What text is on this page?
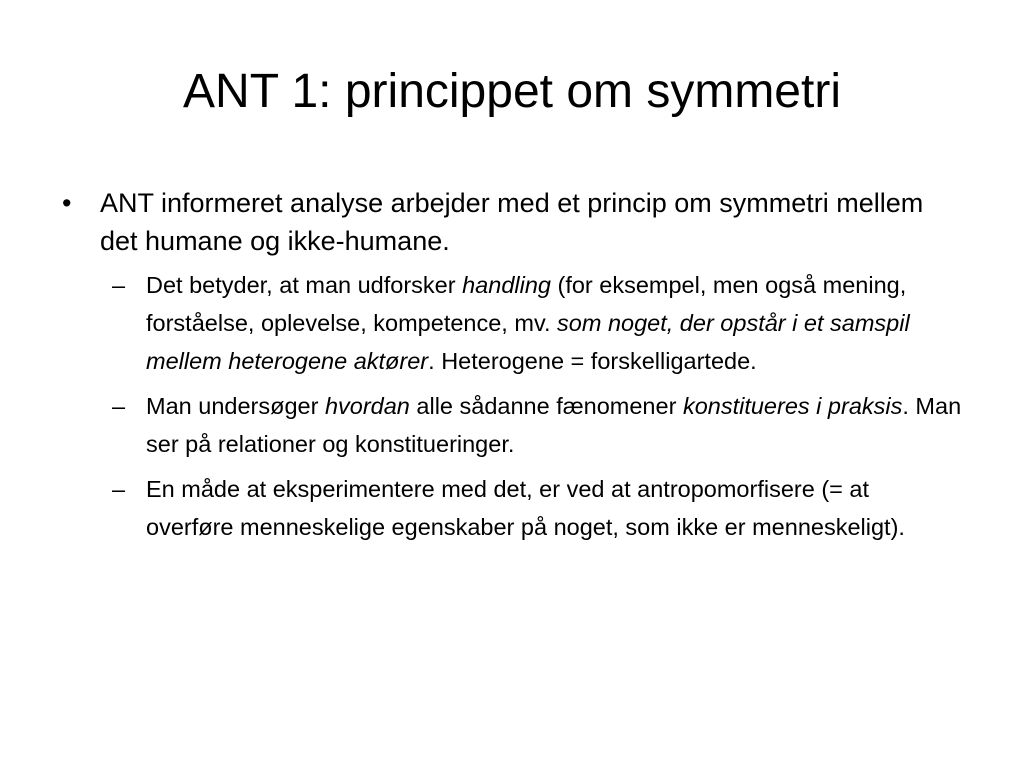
ANT 1: princippet om symmetri
• ANT informeret analyse arbejder med et princip om symmetri mellem det humane og ikke-humane.
– Det betyder, at man udforsker handling (for eksempel, men også mening, forståelse, oplevelse, kompetence, mv. som noget, der opstår i et samspil mellem heterogene aktører. Heterogene = forskelligartede.
– Man undersøger hvordan alle sådanne fænomener konstitueres i praksis. Man ser på relationer og konstitueringer.
– En måde at eksperimentere med det, er ved at antropomorfisere (= at overføre menneskelige egenskaber på noget, som ikke er menneskeligt).
